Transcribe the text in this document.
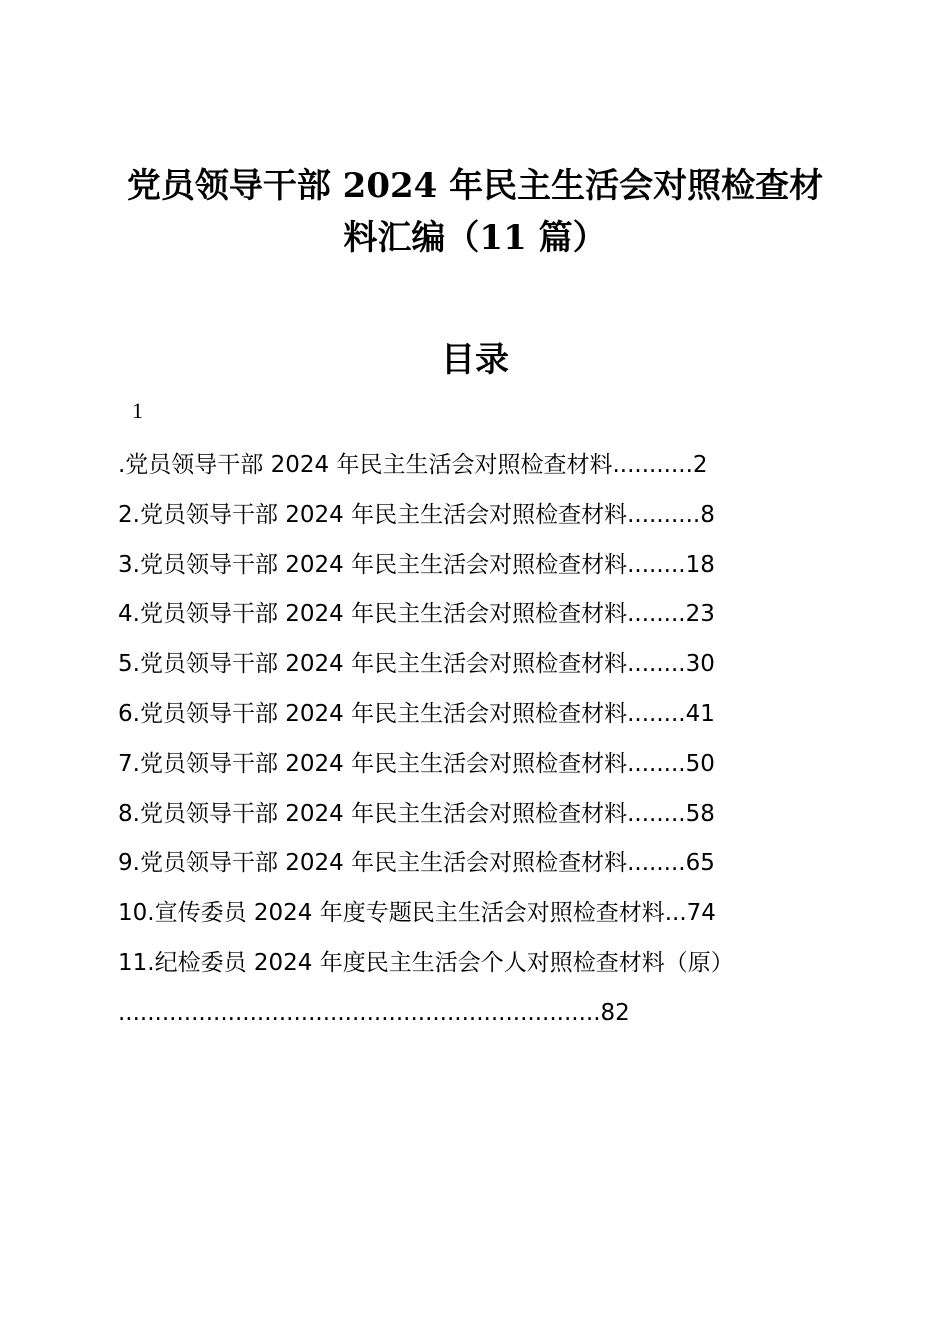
党员领导干部 2024 年民主生活会对照检查材
料汇编（11 篇）
目录
1
.党员领导干部 2024 年民主生活会对照检查材料...........2
2.党员领导干部 2024 年民主生活会对照检查材料..........8
3.党员领导干部 2024 年民主生活会对照检查材料........18
4.党员领导干部 2024 年民主生活会对照检查材料........23
5.党员领导干部 2024 年民主生活会对照检查材料........30
6.党员领导干部 2024 年民主生活会对照检查材料........41
7.党员领导干部 2024 年民主生活会对照检查材料........50
8.党员领导干部 2024 年民主生活会对照检查材料........58
9.党员领导干部 2024 年民主生活会对照检查材料........65
10.宣传委员 2024 年度专题民主生活会对照检查材料...74
11.纪检委员 2024 年度民主生活会个人对照检查材料（原）
..................................................................82
